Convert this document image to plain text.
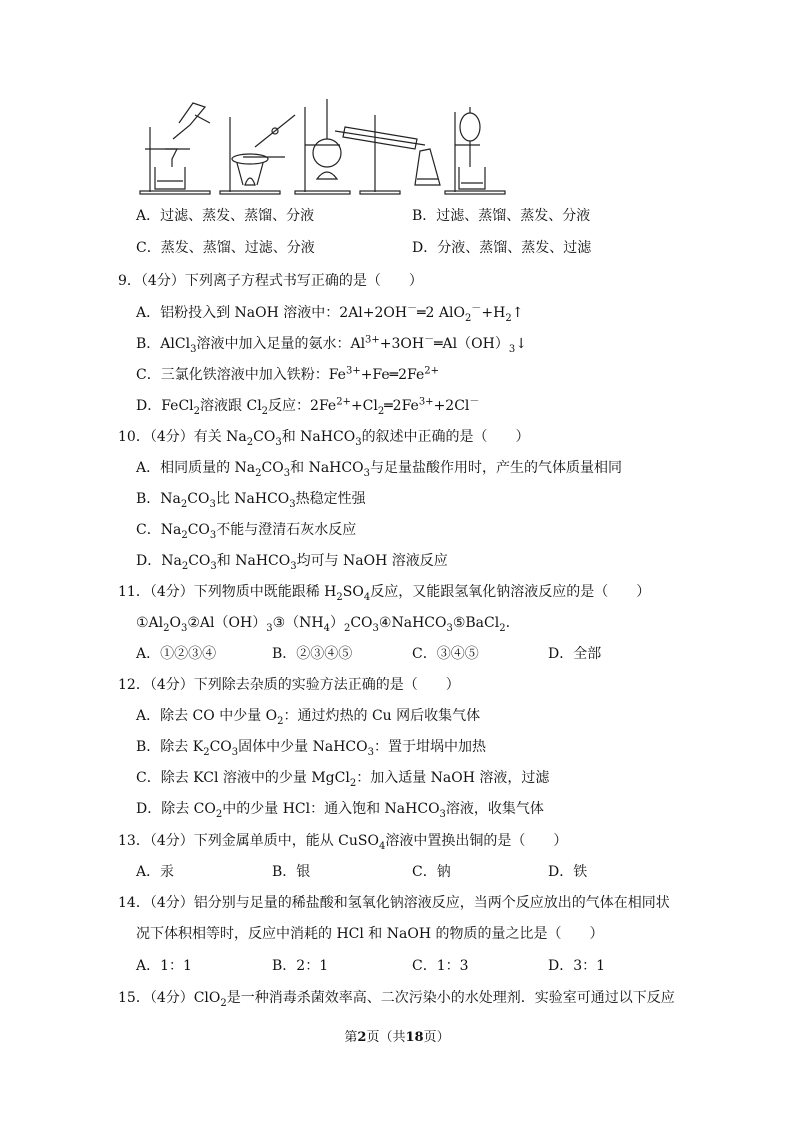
A．过滤、蒸发、蒸馏、分液	B．过滤、蒸馏、蒸发、分液
C．蒸发、蒸馏、过滤、分液	D．分液、蒸馏、蒸发、过滤
9．（4分）下列离子方程式书写正确的是（　　）
A．铝粉投入到 NaOH 溶液中：2Al+2OH－═2 $AlO_2^-+H_2↑$
B．AlCl$_3$溶液中加入足量的氨水：$Al^{3+}+3OH^-═Al(OH)_3↓$
C．三氯化铁溶液中加入铁粉：$Fe^{3+}+Fe═2Fe^{2+}$
D．FeCl$_2$溶液跟 $Cl_2$反应：$2Fe^{2+}+Cl_2═2Fe^{3+}+2Cl^-$
10．（4分）有关 $Na_2CO_3$和 NaHCO$_3$的叙述中正确的是（　　）
A．相同质量的 $Na_2CO_3$和 NaHCO$_3$与足量盐酸作用时，产生的气体质量相同
B．$Na_2CO_3$比 NaHCO$_3$热稳定性强
C．$Na_2CO_3$不能与澄清石灰水反应
D．$Na_2CO_3$和 NaHCO$_3$均可与 NaOH 溶液反应
11．（4分）下列物质中既能跟稀 $H_2SO_4$反应，又能跟氢氧化钠溶液反应的是（　　）
$①Al_2O_3②Al(OH)_3③(NH_4)_2CO_3④NaHCO_3⑤BaCl_2$.
A．①②③④	B．②③④⑤	C．③④⑤	D．全部
12．（4分）下列除去杂质的实验方法正确的是（　　）
A．除去 CO 中少量 $O_2$：通过灼热的 Cu 网后收集气体
B．除去 $K_2CO_3$固体中少量 NaHCO$_3$：置于坩埚中加热
C．除去 KCl 溶液中的少量 MgCl$_2$：加入适量 NaOH 溶液，过滤
D．除去 $CO_2$中的少量 HCl：通入饱和 NaHCO$_3$溶液，收集气体
13．（4分）下列金属单质中，能从 CuSO$_4$溶液中置换出铜的是（　　）
A．汞	B．银	C．钠	D．铁
14．（4分）铝分别与足量的稀盐酸和氢氧化钠溶液反应，当两个反应放出的气体在相同状
况下体积相等时，反应中消耗的 HCl 和 NaOH 的物质的量之比是（　　）
A．1：1	B．2：1	C．1：3	D．3：1
15．（4分）ClO$_2$是一种消毒杀菌效率高、二次污染小的水处理剂．实验室可通过以下反应
第2页（共18页）
